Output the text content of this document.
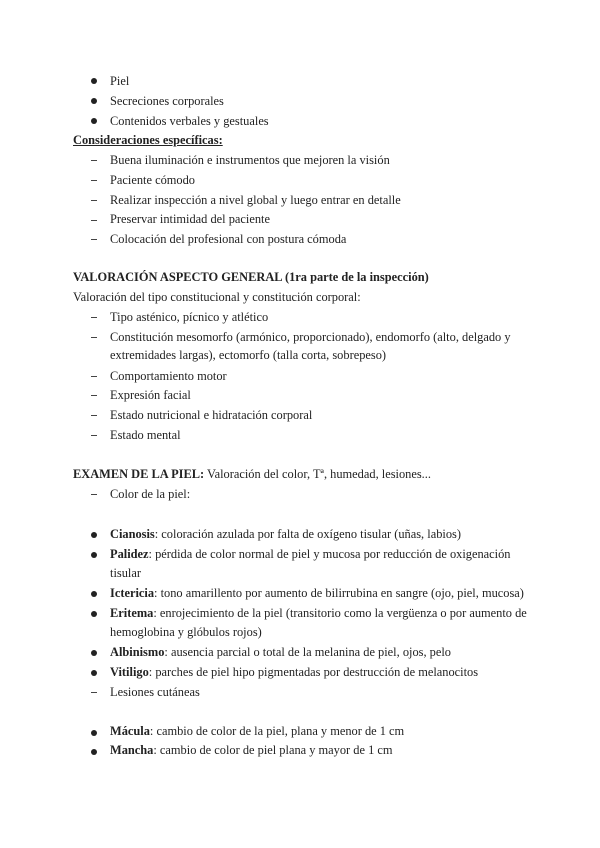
Piel
Secreciones corporales
Contenidos verbales y gestuales
Consideraciones específicas:
Buena iluminación e instrumentos que mejoren la visión
Paciente cómodo
Realizar inspección a nivel global y luego entrar en detalle
Preservar intimidad del paciente
Colocación del profesional con postura cómoda
VALORACIÓN ASPECTO GENERAL (1ra parte de la inspección)
Valoración del tipo constitucional y constitución corporal:
Tipo asténico, pícnico y atlético
Constitución mesomorfo (armónico, proporcionado), endomorfo (alto, delgado y
extremidades largas), ectomorfo (talla corta, sobrepeso)
Comportamiento motor
Expresión facial
Estado nutricional e hidratación corporal
Estado mental
EXAMEN DE LA PIEL: Valoración del color, Tª, humedad, lesiones...
Color de la piel:
Cianosis: coloración azulada por falta de oxígeno tisular (uñas, labios)
Palidez: pérdida de color normal de piel y mucosa por reducción de oxigenación
tisular
Ictericia: tono amarillento por aumento de bilirrubina en sangre (ojo, piel, mucosa)
Eritema: enrojecimiento de la piel (transitorio como la vergüenza o por aumento de
hemoglobina y glóbulos rojos)
Albinismo: ausencia parcial o total de la melanina de piel, ojos, pelo
Vitiligo: parches de piel hipo pigmentadas por destrucción de melanocitos
Lesiones cutáneas
Mácula: cambio de color de la piel, plana y menor de 1 cm
Mancha: cambio de color de piel plana y mayor de 1 cm
